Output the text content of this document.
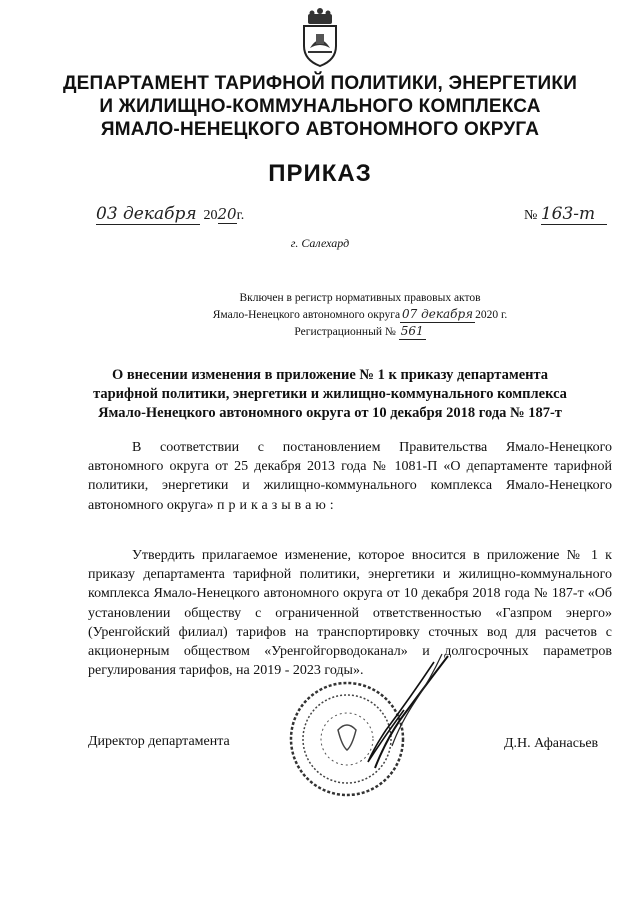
ДЕПАРТАМЕНТ ТАРИФНОЙ ПОЛИТИКИ, ЭНЕРГЕТИКИ
И ЖИЛИЩНО-КОММУНАЛЬНОГО КОМПЛЕКСА
ЯМАЛО-НЕНЕЦКОГО АВТОНОМНОГО ОКРУГА
ПРИКАЗ
03 декабря 2020г.	№ 163-т
г. Салехард
Включен в регистр нормативных правовых актов
Ямало-Ненецкого автономного округа 07 декабря 2020 г.
Регистрационный № 561
О внесении изменения в приложение № 1 к приказу департамента тарифной политики, энергетики и жилищно-коммунального комплекса Ямало-Ненецкого автономного округа от 10 декабря 2018 года № 187-т
В соответствии с постановлением Правительства Ямало-Ненецкого автономного округа от 25 декабря 2013 года № 1081-П «О департаменте тарифной политики, энергетики и жилищно-коммунального комплекса Ямало-Ненецкого автономного округа» приказываю:
Утвердить прилагаемое изменение, которое вносится в приложение № 1 к приказу департамента тарифной политики, энергетики и жилищно-коммунального комплекса Ямало-Ненецкого автономного округа от 10 декабря 2018 года № 187-т «Об установлении обществу с ограниченной ответственностью «Газпром энерго» (Уренгойский филиал) тарифов на транспортировку сточных вод для расчетов с акционерным обществом «Уренгойгорводоканал» и долгосрочных параметров регулирования тарифов, на 2019 - 2023 годы».
Директор департамента	Д.Н. Афанасьев
